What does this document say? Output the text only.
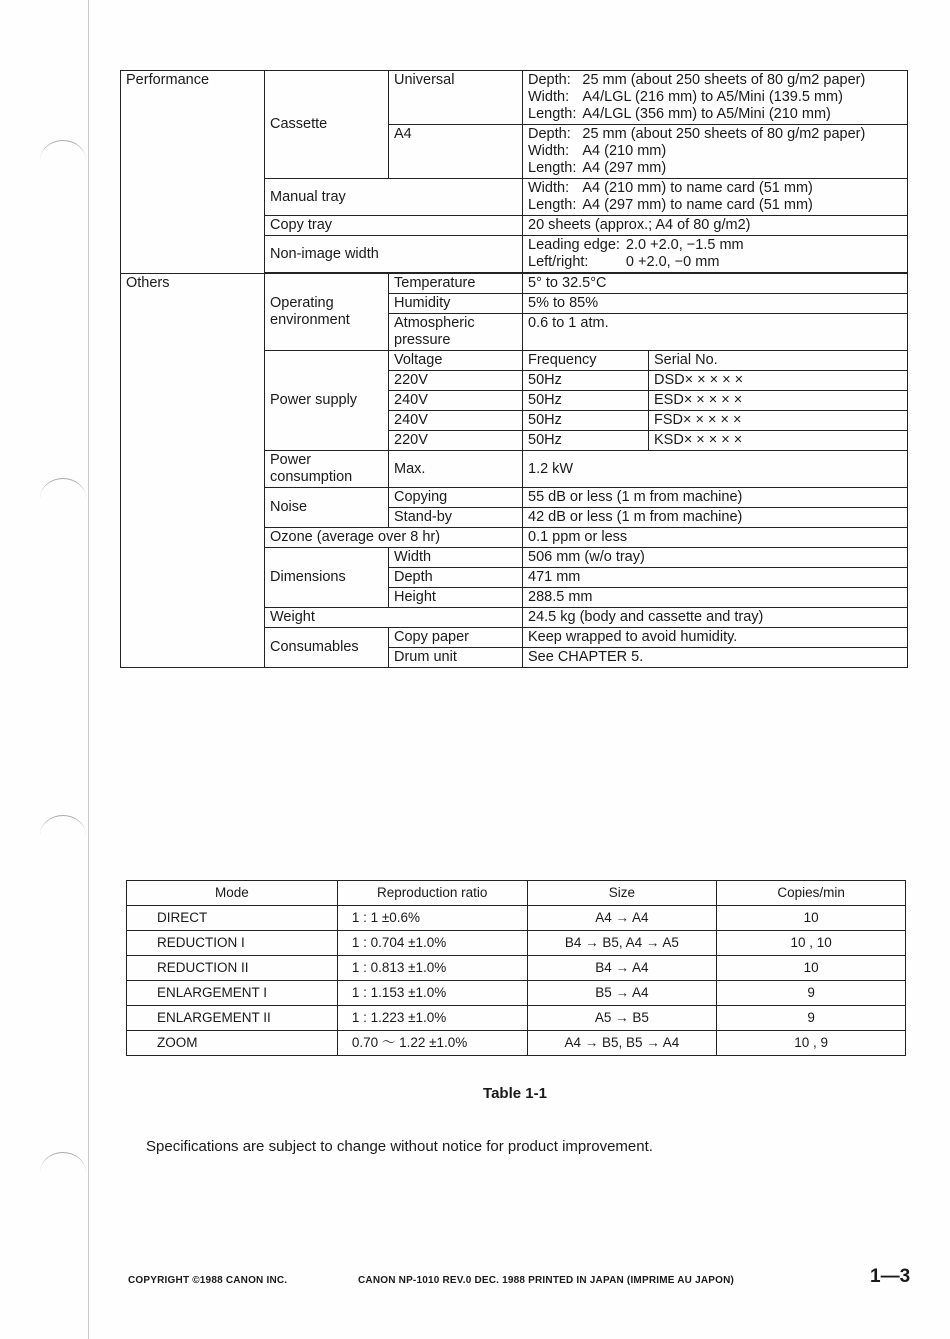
Performance	Cassette	Universal	Depth:	25 mm (about 250 sheets of 80 g/m2 paper)
Width:	A4/LGL (216 mm) to A5/Mini (139.5 mm)
Length:	A4/LGL (356 mm) to A5/Mini (210 mm)	

		A4	Depth:	25 mm (about 250 sheets of 80 g/m2 paper)
Width:	A4 (210 mm)
Length:	A4 (297 mm)	

	Manual tray		Width:	A4 (210 mm) to name card (51 mm)
Length:	A4 (297 mm) to name card (51 mm)	

	Copy tray		20 sheets (approx.; A4 of 80 g/m2)	
	Non-image width		Leading edge:	2.0 +2.0, −1.5 mm
Left/right:	0 +2.0, −0 mm	

Others	Operating environment	Temperature	5° to 32.5°C	
		Humidity	5% to 85%	
		Atmospheric pressure	0.6 to 1 atm.	
	Power supply	Voltage	Frequency	Serial No.
		220V	50Hz	DSD× × × × ×
		240V	50Hz	ESD× × × × ×
		240V	50Hz	FSD× × × × ×
		220V	50Hz	KSD× × × × ×
	Power consumption	Max.	1.2 kW	
	Noise	Copying	55 dB or less (1 m from machine)	
		Stand-by	42 dB or less (1 m from machine)	
	Ozone (average over 8 hr)		0.1 ppm or less	
	Dimensions	Width	506 mm (w/o tray)	
		Depth	471 mm	
		Height	288.5 mm	
	Weight		24.5 kg (body and cassette and tray)	
	Consumables	Copy paper	Keep wrapped to avoid humidity.	
		Drum unit	See CHAPTER 5.	
Mode	Reproduction ratio	Size	Copies/min
DIRECT	1 : 1 ±0.6%	A4 → A4	10
REDUCTION I	1 : 0.704 ±1.0%	B4 → B5, A4 → A5	10 , 10
REDUCTION II	1 : 0.813 ±1.0%	B4 → A4	10
ENLARGEMENT I	1 : 1.153 ±1.0%	B5 → A4	9
ENLARGEMENT II	1 : 1.223 ±1.0%	A5 → B5	9
ZOOM	0.70 ～ 1.22 ±1.0%	A4 → B5, B5 → A4	10 , 9
Table 1-1
Specifications are subject to change without notice for product improvement.
COPYRIGHT ©1988 CANON INC.	CANON NP-1010 REV.0 DEC. 1988 PRINTED IN JAPAN (IMPRIME AU JAPON)	1—3
